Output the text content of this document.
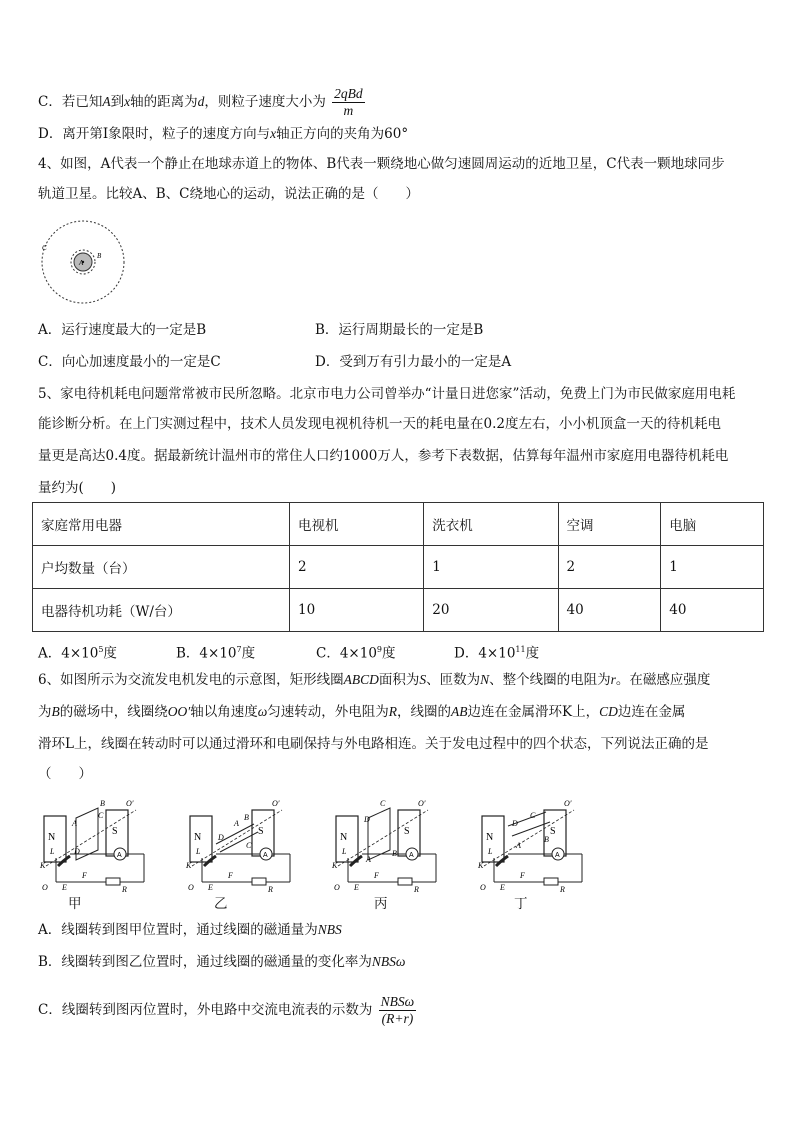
C．若已知A到x轴的距离为d，则粒子速度大小为 $\frac{\text{2qBd}}{m}$
D．离开第Ⅰ象限时，粒子的速度方向与x轴正方向的夹角为60°
4、如图，A代表一个静止在地球赤道上的物体、B代表一颗绕地心做匀速圆周运动的近地卫星，C代表一颗地球同步
轨道卫星。比较A、B、C绕地心的运动，说法正确的是（　　）
A
B
C
A．运行速度最大的一定是B	B．运行周期最长的一定是B
C．向心加速度最小的一定是C	D．受到万有引力最小的一定是A
5、家电待机耗电问题常常被市民所忽略。北京市电力公司曾举办“计量日进您家”活动，免费上门为市民做家庭用电耗
能诊断分析。在上门实测过程中，技术人员发现电视机待机一天的耗电量在0.2度左右，小小机顶盒一天的待机耗电
量更是高达0.4度。据最新统计温州市的常住人口约1000万人，参考下表数据，估算每年温州市家庭用电器待机耗电
量约为(　　)
家庭常用电器	电视机	洗衣机	空调	电脑
户均数量（台）	2	1	2	1
电器待机功耗（W/台）	10	20	40	40
A．$4\times 10^5$度	B．$4\times 10^7$度	C．$4\times 10^9$度	D．$4\times 10^{11}$度
6、如图所示为交流发电机发电的示意图，矩形线圈ABCD面积为S、匝数为N、整个线圈的电阻为r。在磁感应强度
为B的磁场中，线圈绕OO′轴以角速度ω匀速转动，外电阻为R，线圈的AB边连在金属滑环K上，CD边连在金属
滑环L上，线圈在转动时可以通过滑环和电刷保持与外电路相连。关于发电过程中的四个状态，下列说法正确的是
（　　）
N
S
B
C
A
D
O′
K
L
O E
F
R
A
N
S
A
B
C
D
O′
K
L
O E
F
R
A
N
S
C
D
B
A
O′
K
L
O E
F
R
A
N
S
C
D
B
A
O′
K
L
O E
F
R
A
甲	乙	丙	丁
A．线圈转到图甲位置时，通过线圈的磁通量为NBS
B．线圈转到图乙位置时，通过线圈的磁通量的变化率为NBSω
C．线圈转到图丙位置时，外电路中交流电流表的示数为 $\frac{\text{NBSω}}{(R+r)}$
